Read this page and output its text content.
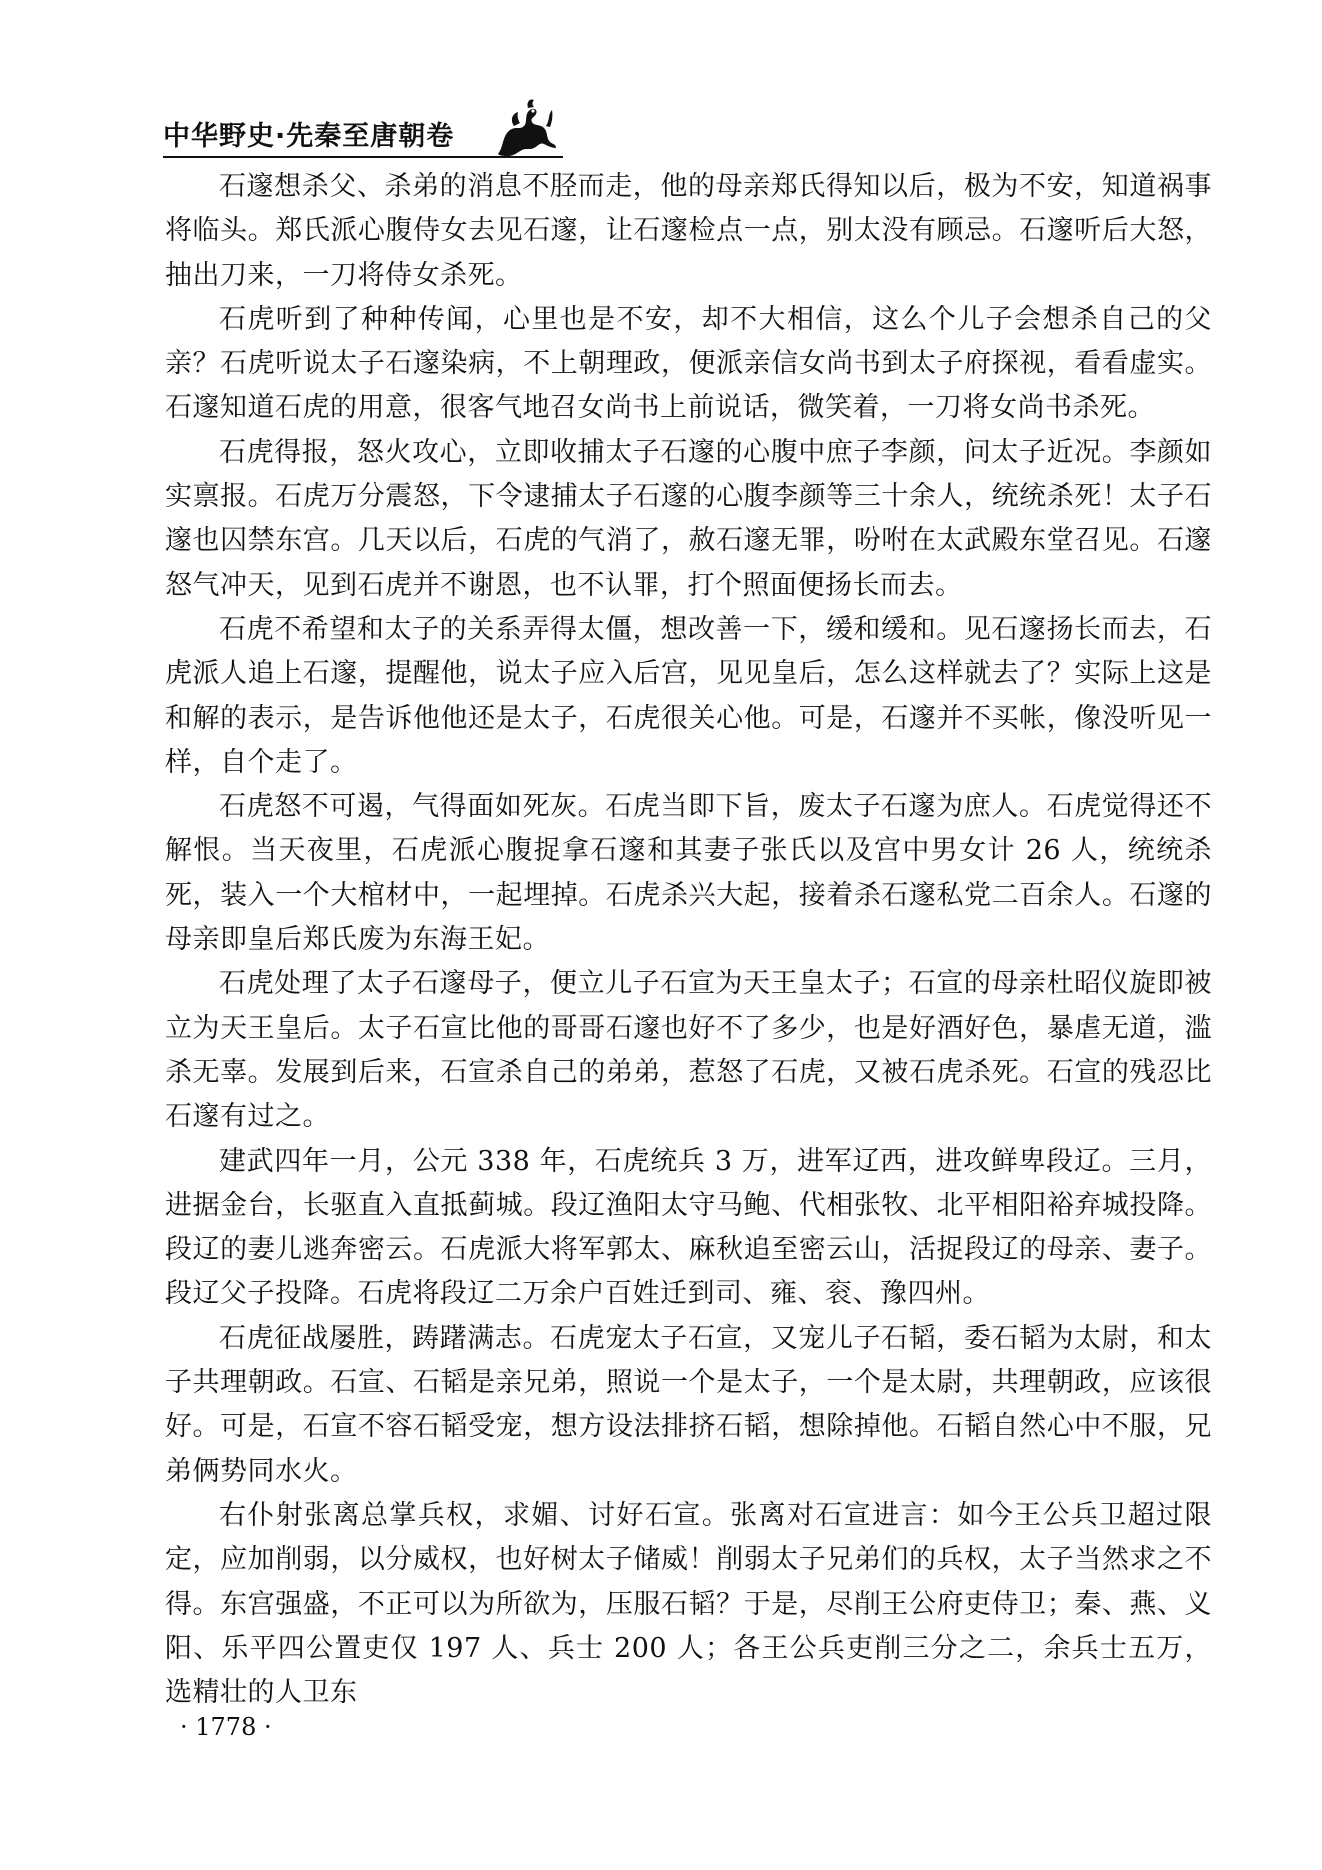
中华野史·先秦至唐朝卷

石邃想杀父、杀弟的消息不胫而走，他的母亲郑氏得知以后，极为不安，知道祸事将临头。郑氏派心腹侍女去见石邃，让石邃检点一点，别太没有顾忌。石邃听后大怒，抽出刀来，一刀将侍女杀死。

石虎听到了种种传闻，心里也是不安，却不大相信，这么个儿子会想杀自己的父亲？石虎听说太子石邃染病，不上朝理政，便派亲信女尚书到太子府探视，看看虚实。石邃知道石虎的用意，很客气地召女尚书上前说话，微笑着，一刀将女尚书杀死。

石虎得报，怒火攻心，立即收捕太子石邃的心腹中庶子李颜，问太子近况。李颜如实禀报。石虎万分震怒，下令逮捕太子石邃的心腹李颜等三十余人，统统杀死！太子石邃也囚禁东宫。几天以后，石虎的气消了，赦石邃无罪，吩咐在太武殿东堂召见。石邃怒气冲天，见到石虎并不谢恩，也不认罪，打个照面便扬长而去。

石虎不希望和太子的关系弄得太僵，想改善一下，缓和缓和。见石邃扬长而去，石虎派人追上石邃，提醒他，说太子应入后宫，见见皇后，怎么这样就去了？实际上这是和解的表示，是告诉他他还是太子，石虎很关心他。可是，石邃并不买帐，像没听见一样，自个走了。

石虎怒不可遏，气得面如死灰。石虎当即下旨，废太子石邃为庶人。石虎觉得还不解恨。当天夜里，石虎派心腹捉拿石邃和其妻子张氏以及宫中男女计 26 人，统统杀死，装入一个大棺材中，一起埋掉。石虎杀兴大起，接着杀石邃私党二百余人。石邃的母亲即皇后郑氏废为东海王妃。

石虎处理了太子石邃母子，便立儿子石宣为天王皇太子；石宣的母亲杜昭仪旋即被立为天王皇后。太子石宣比他的哥哥石邃也好不了多少，也是好酒好色，暴虐无道，滥杀无辜。发展到后来，石宣杀自己的弟弟，惹怒了石虎，又被石虎杀死。石宣的残忍比石邃有过之。

建武四年一月，公元 338 年，石虎统兵 3 万，进军辽西，进攻鲜卑段辽。三月，进据金台，长驱直入直抵蓟城。段辽渔阳太守马鲍、代相张牧、北平相阳裕弃城投降。段辽的妻儿逃奔密云。石虎派大将军郭太、麻秋追至密云山，活捉段辽的母亲、妻子。段辽父子投降。石虎将段辽二万余户百姓迁到司、雍、衮、豫四州。

石虎征战屡胜，踌躇满志。石虎宠太子石宣，又宠儿子石韬，委石韬为太尉，和太子共理朝政。石宣、石韬是亲兄弟，照说一个是太子，一个是太尉，共理朝政，应该很好。可是，石宣不容石韬受宠，想方设法排挤石韬，想除掉他。石韬自然心中不服，兄弟俩势同水火。

右仆射张离总掌兵权，求媚、讨好石宣。张离对石宣进言：如今王公兵卫超过限定，应加削弱，以分威权，也好树太子储威！削弱太子兄弟们的兵权，太子当然求之不得。东宫强盛，不正可以为所欲为，压服石韬？于是，尽削王公府吏侍卫；秦、燕、义阳、乐平四公置吏仅 197 人、兵士 200 人；各王公兵吏削三分之二，余兵士五万，选精壮的人卫东

· 1778 ·
